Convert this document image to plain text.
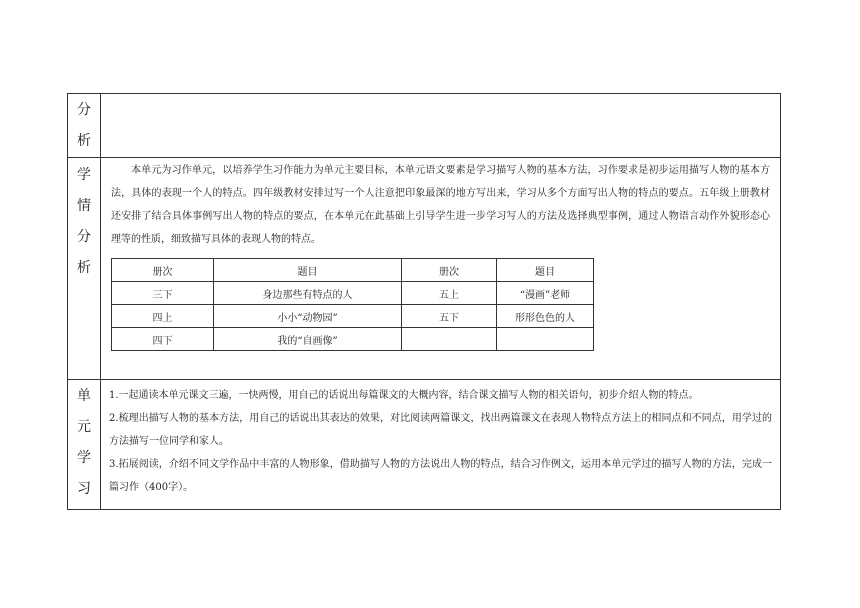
分
析

学
情
分
析

本单元为习作单元，以培养学生习作能力为单元主要目标，本单元语文要素是学习描写人物的基本方法，习作要求是初步运用描写人物的基本方法，具体的表现一个人的特点。四年级教材安排过写一个人注意把印象最深的地方写出来，学习从多个方面写出人物的特点的要点。五年级上册教材还安排了结合具体事例写出人物的特点的要点，在本单元在此基础上引导学生进一步学习写人的方法及选择典型事例，通过人物语言动作外貌形态心理等的性质，细致描写具体的表现人物的特点。

册次	题目	册次	题目
三下	身边那些有特点的人	五上	“漫画”老师
四上	小小“动物园”	五下	形形色色的人
四下	我的“自画像”		

单
元
学
习

1.一起通读本单元课文三遍，一快两慢，用自己的话说出每篇课文的大概内容，结合课文描写人物的相关语句，初步介绍人物的特点。

2.梳理出描写人物的基本方法，用自己的话说出其表达的效果，对比阅读两篇课文，找出两篇课文在表现人物特点方法上的相同点和不同点，用学过的方法描写一位同学和家人。

3.拓展阅读，介绍不同文学作品中丰富的人物形象，借助描写人物的方法说出人物的特点，结合习作例文，运用本单元学过的描写人物的方法，完成一篇习作（400字）。
